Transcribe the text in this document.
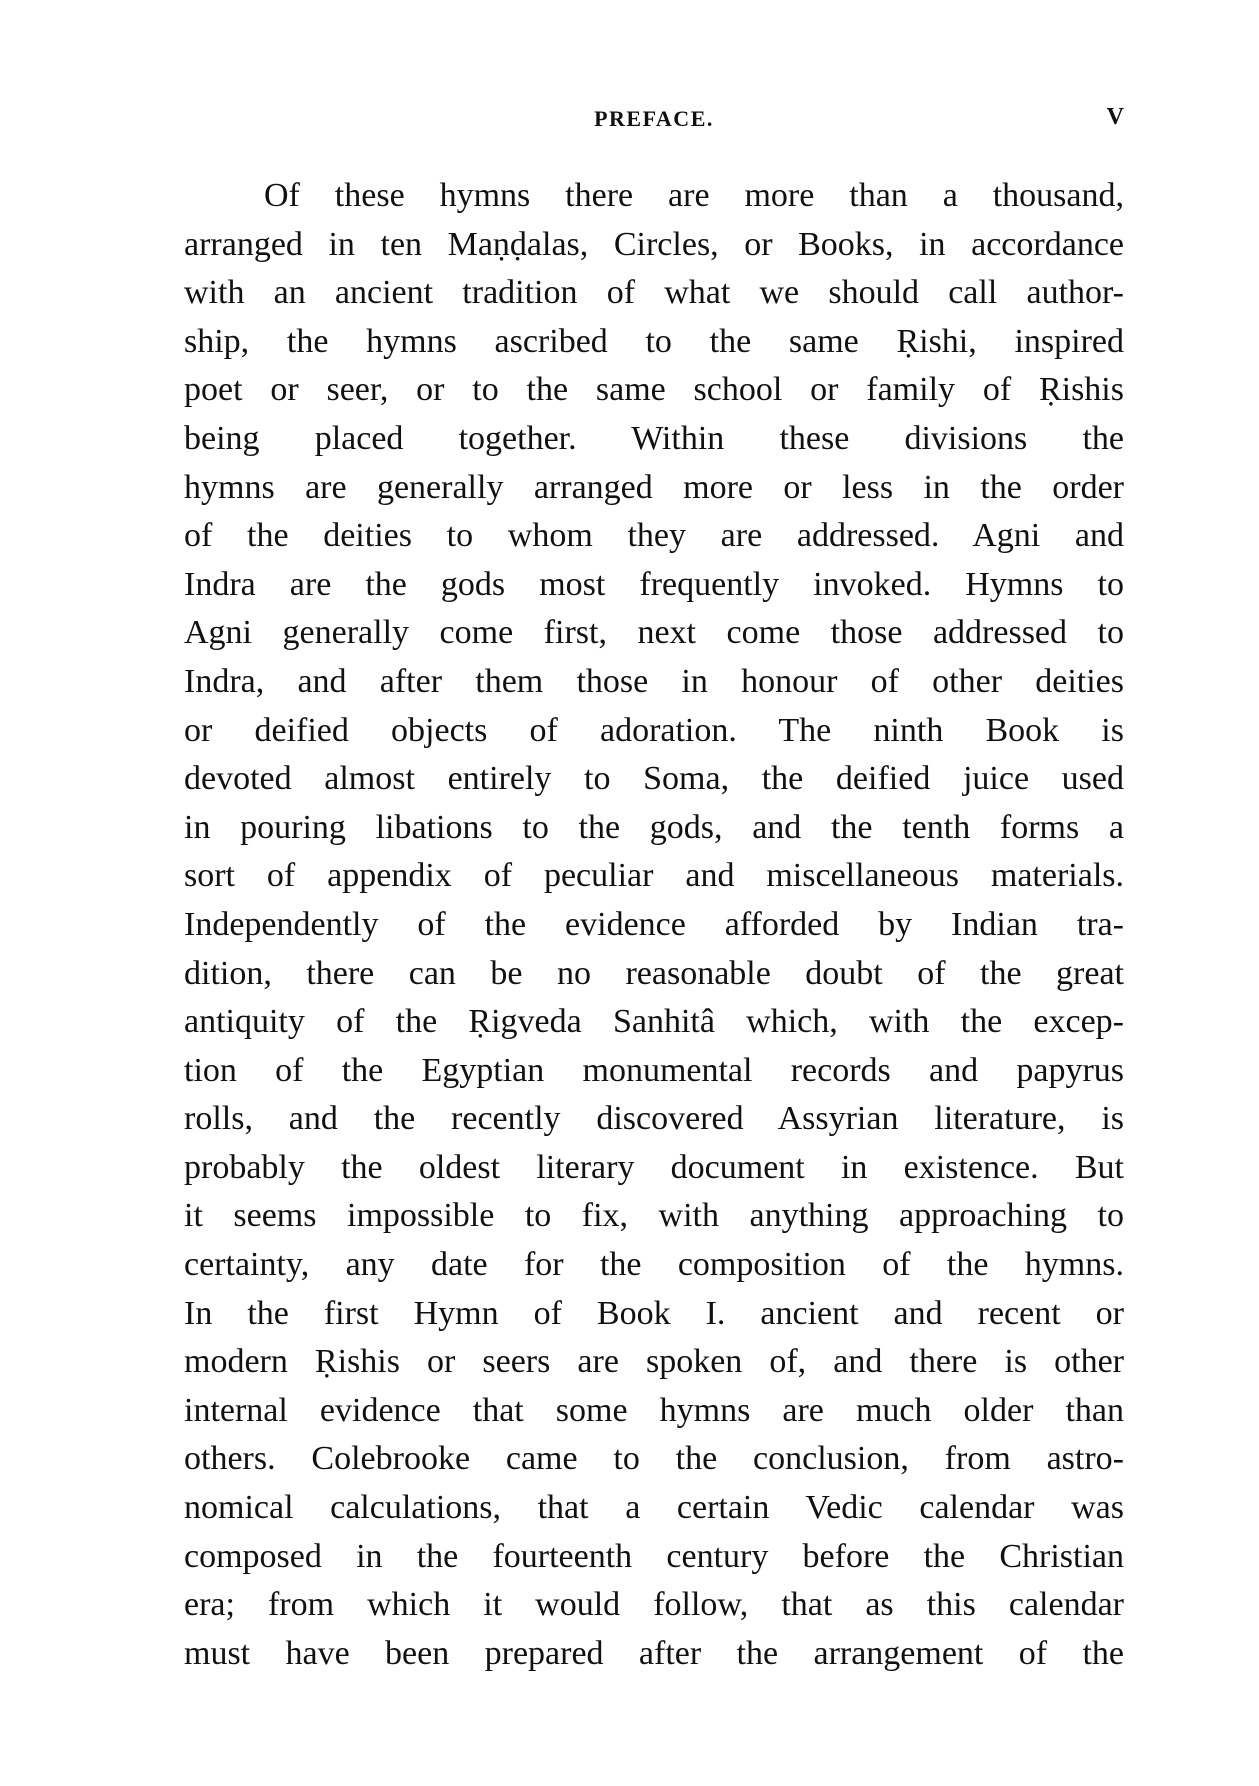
PREFACE.	V
Of these hymns there are more than a thousand,
arranged in ten Maṇḍalas, Circles, or Books, in accordance
with an ancient tradition of what we should call author-
ship, the hymns ascribed to the same Ṛishi, inspired
poet or seer, or to the same school or family of Ṛishis
being placed together. Within these divisions the
hymns are generally arranged more or less in the order
of the deities to whom they are addressed. Agni and
Indra are the gods most frequently invoked. Hymns to
Agni generally come first, next come those addressed to
Indra, and after them those in honour of other deities
or deified objects of adoration. The ninth Book is
devoted almost entirely to Soma, the deified juice used
in pouring libations to the gods, and the tenth forms a
sort of appendix of peculiar and miscellaneous materials.
Independently of the evidence afforded by Indian tra-
dition, there can be no reasonable doubt of the great
antiquity of the Ṛigveda Sanhitâ which, with the excep-
tion of the Egyptian monumental records and papyrus
rolls, and the recently discovered Assyrian literature, is
probably the oldest literary document in existence. But
it seems impossible to fix, with anything approaching to
certainty, any date for the composition of the hymns.
In the first Hymn of Book I. ancient and recent or
modern Ṛishis or seers are spoken of, and there is other
internal evidence that some hymns are much older than
others. Colebrooke came to the conclusion, from astro-
nomical calculations, that a certain Vedic calendar was
composed in the fourteenth century before the Christian
era; from which it would follow, that as this calendar
must have been prepared after the arrangement of the
